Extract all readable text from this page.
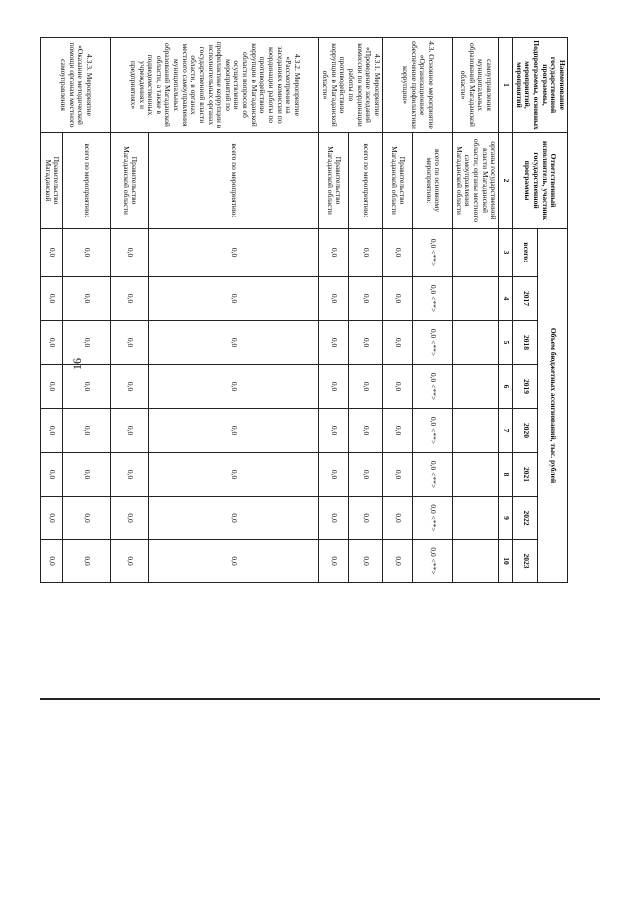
16
Наименование государственной программы, Подпрограммы, основных мероприятий, мероприятий	Ответственный исполнитель, участник государственной программы	Объем бюджетных ассигнований, тыс. рублей							
		всего:	2017	2018	2019	2020	2021	2022	2023
1	2	3	4	5	6	7	8	9	10
самоуправления муниципальных образований Магаданской области»	органы государственной власти Магаданской области; органы местного самоуправления Магаданской области								
4.3. Основное мероприятие «Организационное обеспечение профилактики коррупции»	всего по основному мероприятию:	0,0 <**>	0,0 <**>	0,0 <**>	0,0 <**>	0,0 <**>	0,0 <**>	0,0 <**>	0,0 <**>
	Правительство Магаданской области	0,0	0,0	0,0	0,0	0,0	0,0	0,0	0,0
4.3.1. Мероприятие «Проведение заседаний комиссии по координации работы по противодействию коррупции в Магаданской области»	всего по мероприятию:	0,0	0,0	0,0	0,0	0,0	0,0	0,0	0,0
	Правительство Магаданской области	0,0	0,0	0,0	0,0	0,0	0,0	0,0	0,0
4.3.2. Мероприятие «Рассмотрение на заседаниях комиссии по координации работы по противодействию коррупции в Магаданской области вопросов об осуществлении мероприятий по профилактике коррупции в исполнительных органах государственной власти области, в органах местного самоуправления муниципальных образований Магаданской области, а также в подведомственных учреждениях и предприятиях»	всего по мероприятию:	0,0	0,0	0,0	0,0	0,0	0,0	0,0	0,0
	Правительство Магаданской области	0,0	0,0	0,0	0,0	0,0	0,0	0,0	0,0
4.3.3. Мероприятие «Оказание методической помощи органам местного самоуправления	всего по мероприятию:	0,0	0,0	0,0	0,0	0,0	0,0	0,0	0,0
	Правительство Магаданской	0,0	0,0	0,0	0,0	0,0	0,0	0,0	0,0
